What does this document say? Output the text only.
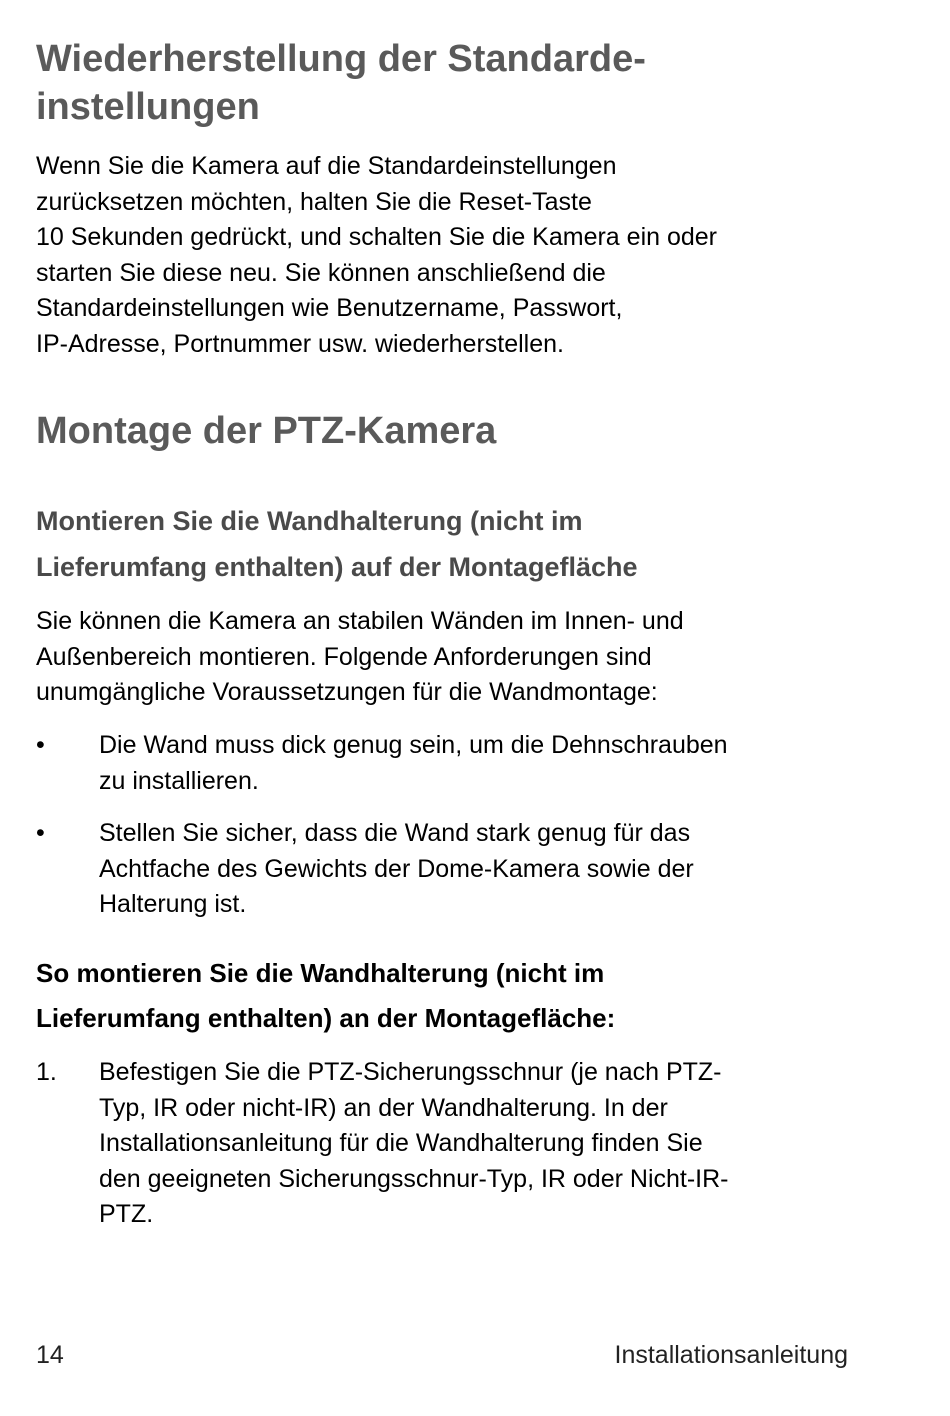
Wiederherstellung der Standarde-
instellungen
Wenn Sie die Kamera auf die Standardeinstellungen
zurücksetzen möchten, halten Sie die Reset-Taste
10 Sekunden gedrückt, und schalten Sie die Kamera ein oder
starten Sie diese neu. Sie können anschließend die
Standardeinstellungen wie Benutzername, Passwort,
IP-Adresse, Portnummer usw. wiederherstellen.
Montage der PTZ-Kamera
Montieren Sie die Wandhalterung (nicht im
Lieferumfang enthalten) auf der Montagefläche
Sie können die Kamera an stabilen Wänden im Innen- und
Außenbereich montieren. Folgende Anforderungen sind
unumgängliche Voraussetzungen für die Wandmontage:
•	Die Wand muss dick genug sein, um die Dehnschrauben
zu installieren.
•	Stellen Sie sicher, dass die Wand stark genug für das
Achtfache des Gewichts der Dome-Kamera sowie der
Halterung ist.
So montieren Sie die Wandhalterung (nicht im
Lieferumfang enthalten) an der Montagefläche:
1.	Befestigen Sie die PTZ-Sicherungsschnur (je nach PTZ-
Typ, IR oder nicht-IR) an der Wandhalterung. In der
Installationsanleitung für die Wandhalterung finden Sie
den geeigneten Sicherungsschnur-Typ, IR oder Nicht-IR-
PTZ.
14	Installationsanleitung
